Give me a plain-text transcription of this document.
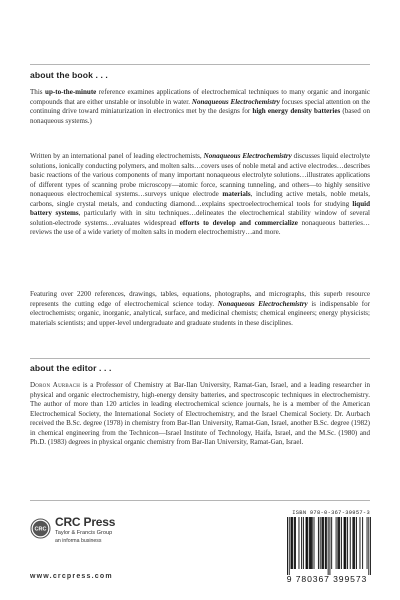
about the book . . .

This up-to-the-minute reference examines applications of electrochemical techniques to many organic and inorganic compounds that are either unstable or insoluble in water. Nonaqueous Electrochemistry focuses special attention on the continuing drive toward miniaturization in electronics met by the designs for high energy density batteries (based on nonaqueous systems.)

Written by an international panel of leading electrochemists, Nonaqueous Electrochemistry discusses liquid electrolyte solutions, ionically conducting polymers, and molten salts…covers uses of noble metal and active electrodes…describes basic reactions of the various components of many important nonaqueous electrolyte solutions…illustrates applications of different types of scanning probe microscopy—atomic force, scanning tunneling, and others—to highly sensitive nonaqueous electrochemical systems…surveys unique electrode materials, including active metals, noble metals, carbons, single crystal metals, and conducting diamond…explains spectroelectrochemical tools for studying liquid battery systems, particularly with in situ techniques…delineates the electrochemical stability window of several solution-electrode systems…evaluates widespread efforts to develop and commercialize nonaqueous batteries…reviews the use of a wide variety of molten salts in modern electrochemistry…and more.

Featuring over 2200 references, drawings, tables, equations, photographs, and micrographs, this superb resource represents the cutting edge of electrochemical science today. Nonaqueous Electrochemistry is indispensable for electrochemists; organic, inorganic, analytical, surface, and medicinal chemists; chemical engineers; energy physicists; materials scientists; and upper-level undergraduate and graduate students in these disciplines.

about the editor . . .

Doron Aurbach is a Professor of Chemistry at Bar-Ilan University, Ramat-Gan, Israel, and a leading researcher in physical and organic electrochemistry, high-energy density batteries, and spectroscopic techniques in electrochemistry. The author of more than 120 articles in leading electrochemical science journals, he is a member of the American Electrochemical Society, the International Society of Electrochemistry, and the Israel Chemical Society. Dr. Aurbach received the B.Sc. degree (1978) in chemistry from Bar-Ilan University, Ramat-Gan, Israel, another B.Sc. degree (1982) in chemical engineering from the Technicon—Israel Institute of Technology, Haifa, Israel, and the M.Sc. (1980) and Ph.D. (1983) degrees in physical organic chemistry from Bar-Ilan University, Ramat-Gan, Israel.

CRC
CRC Press
Taylor & Francis Group
an informa business
www.crcpress.com
ISBN 978-0-367-39957-3
9 780367 399573
